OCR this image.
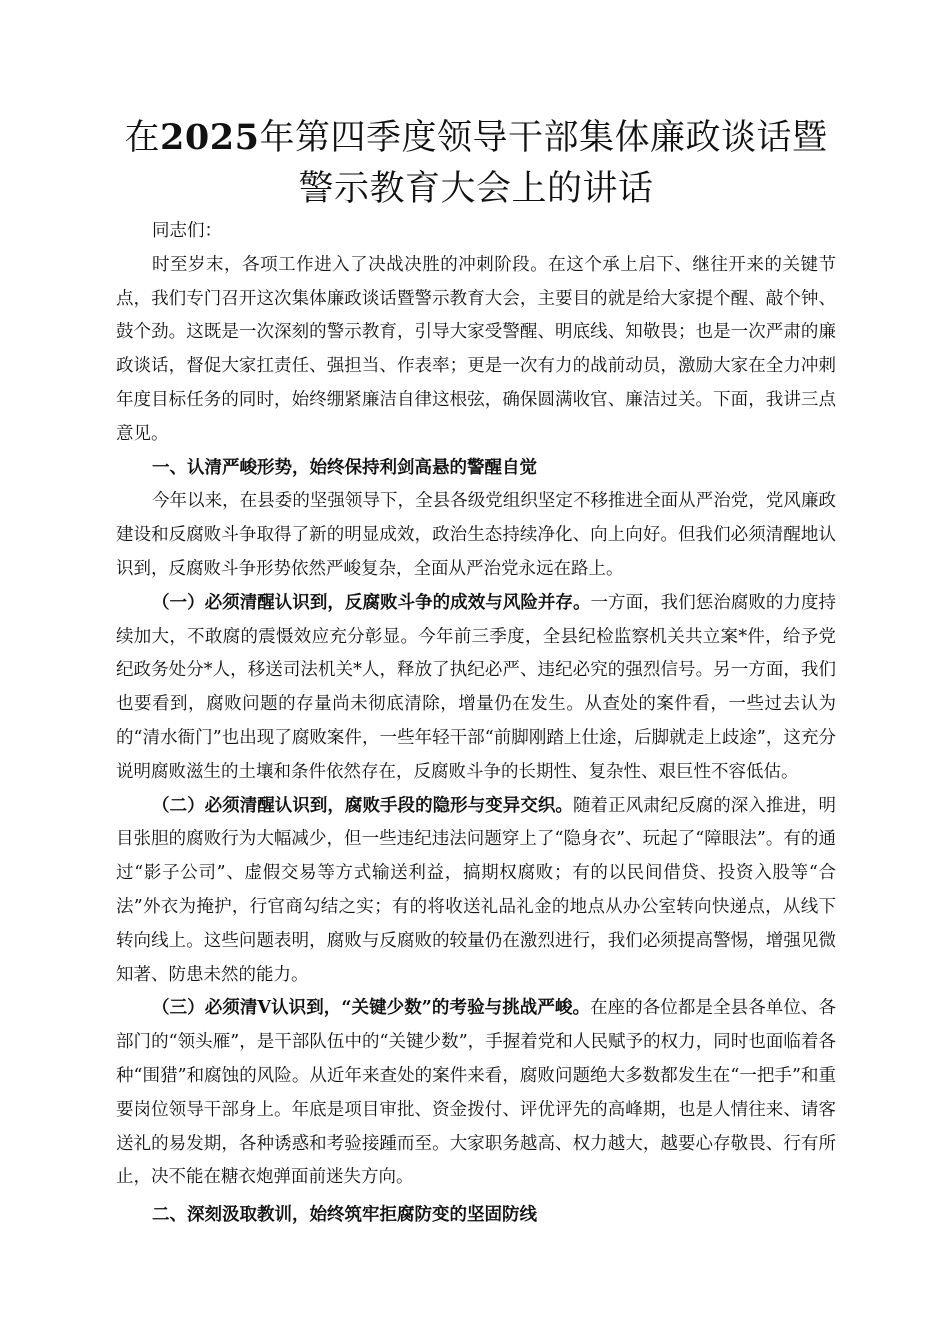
在2025年第四季度领导干部集体廉政谈话暨警示教育大会上的讲话

同志们：

时至岁末，各项工作进入了决战决胜的冲刺阶段。在这个承上启下、继往开来的关键节点，我们专门召开这次集体廉政谈话暨警示教育大会，主要目的就是给大家提个醒、敲个钟、鼓个劲。这既是一次深刻的警示教育，引导大家受警醒、明底线、知敬畏；也是一次严肃的廉政谈话，督促大家扛责任、强担当、作表率；更是一次有力的战前动员，激励大家在全力冲刺年度目标任务的同时，始终绷紧廉洁自律这根弦，确保圆满收官、廉洁过关。下面，我讲三点意见。

一、认清严峻形势，始终保持利剑高悬的警醒自觉

今年以来，在县委的坚强领导下，全县各级党组织坚定不移推进全面从严治党，党风廉政建设和反腐败斗争取得了新的明显成效，政治生态持续净化、向上向好。但我们必须清醒地认识到，反腐败斗争形势依然严峻复杂，全面从严治党永远在路上。

（一）必须清醒认识到，反腐败斗争的成效与风险并存。一方面，我们惩治腐败的力度持续加大，不敢腐的震慑效应充分彰显。今年前三季度，全县纪检监察机关共立案*件，给予党纪政务处分*人，移送司法机关*人，释放了执纪必严、违纪必究的强烈信号。另一方面，我们也要看到，腐败问题的存量尚未彻底清除，增量仍在发生。从查处的案件看，一些过去认为的“清水衙门”也出现了腐败案件，一些年轻干部“前脚刚踏上仕途，后脚就走上歧途”，这充分说明腐败滋生的土壤和条件依然存在，反腐败斗争的长期性、复杂性、艰巨性不容低估。

（二）必须清醒认识到，腐败手段的隐形与变异交织。随着正风肃纪反腐的深入推进，明目张胆的腐败行为大幅减少，但一些违纪违法问题穿上了“隐身衣”、玩起了“障眼法”。有的通过“影子公司”、虚假交易等方式输送利益，搞期权腐败；有的以民间借贷、投资入股等“合法”外衣为掩护，行官商勾结之实；有的将收送礼品礼金的地点从办公室转向快递点，从线下转向线上。这些问题表明，腐败与反腐败的较量仍在激烈进行，我们必须提高警惕，增强见微知著、防患未然的能力。

（三）必须清Ⅴ认识到，“关键少数”的考验与挑战严峻。在座的各位都是全县各单位、各部门的“领头雁”，是干部队伍中的“关键少数”，手握着党和人民赋予的权力，同时也面临着各种“围猎”和腐蚀的风险。从近年来查处的案件来看，腐败问题绝大多数都发生在“一把手”和重要岗位领导干部身上。年底是项目审批、资金拨付、评优评先的高峰期，也是人情往来、请客送礼的易发期，各种诱惑和考验接踵而至。大家职务越高、权力越大，越要心存敬畏、行有所止，决不能在糖衣炮弹面前迷失方向。

二、深刻汲取教训，始终筑牢拒腐防变的坚固防线
